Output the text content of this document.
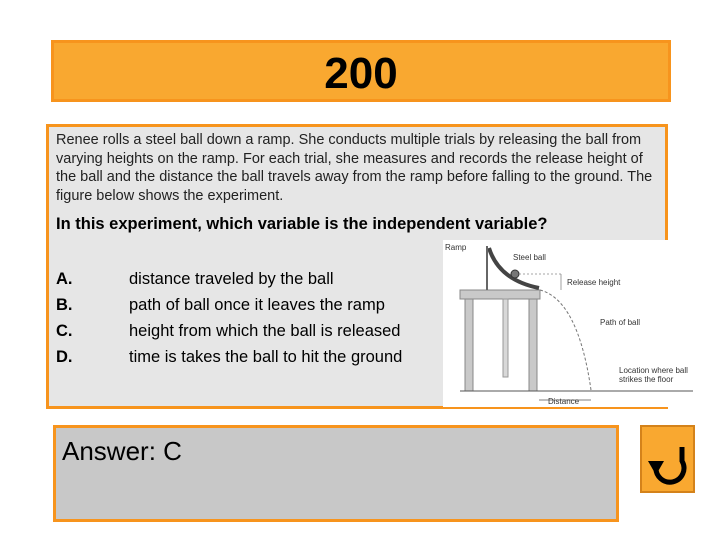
200
Renee rolls a steel ball down a ramp. She conducts multiple trials by releasing the ball from varying heights on the ramp. For each trial, she measures and records the release height of the ball and the distance the ball travels away from the ramp before falling to the ground. The figure below shows the experiment.
In this experiment, which variable is the independent variable?
A.	distance traveled by the ball
B.	path of ball once it leaves the ramp
C.	height from which the ball is released
D.	time is takes the ball to hit the ground
Ramp
Steel ball
Release height
Path of ball
Location where ball
strikes the floor
Distance
Answer: C
